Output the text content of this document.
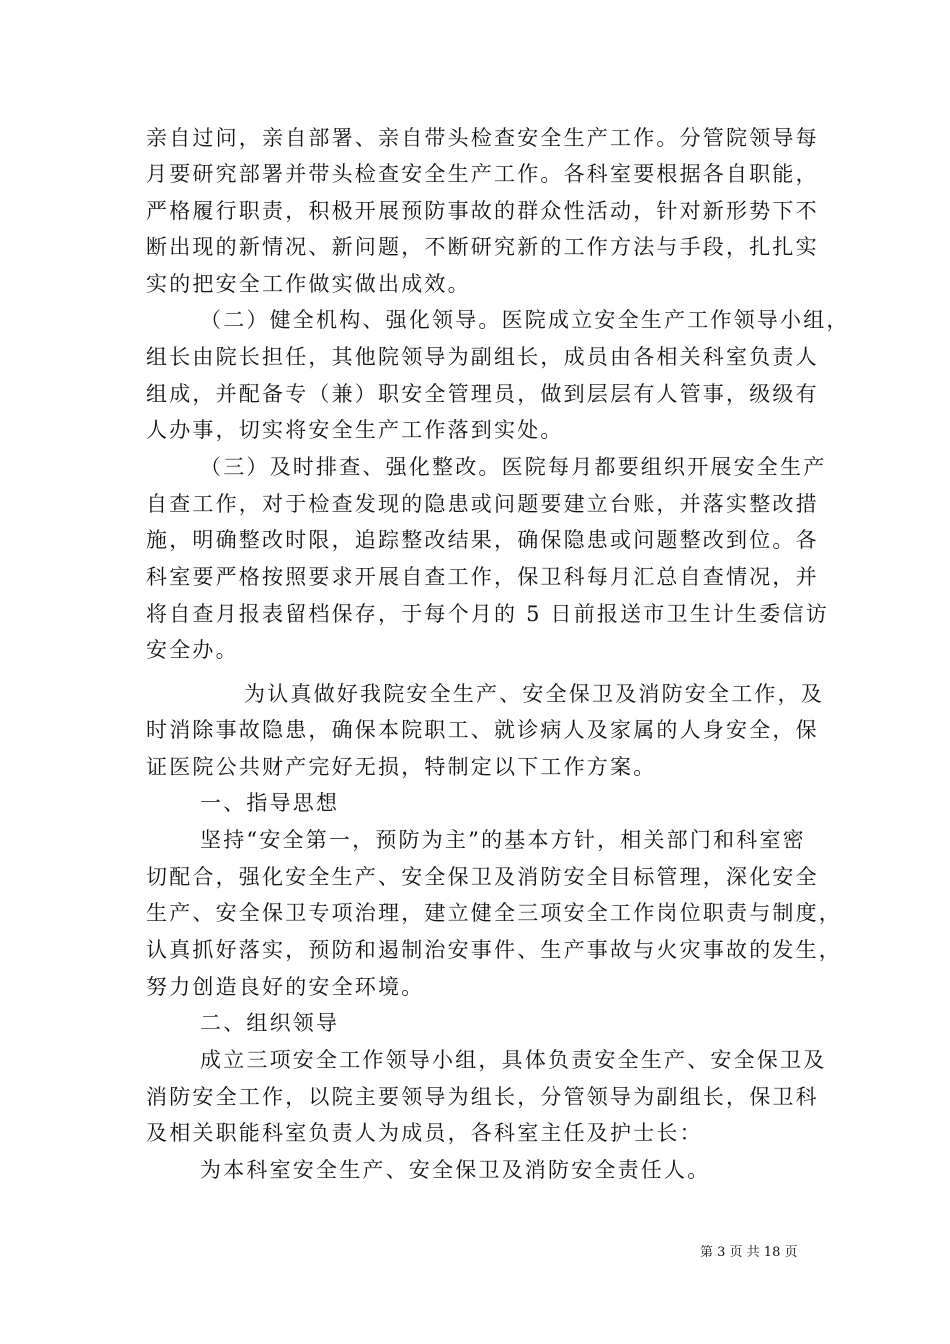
亲自过问，亲自部署、亲自带头检查安全生产工作。分管院领导每
月要研究部署并带头检查安全生产工作。各科室要根据各自职能，
严格履行职责，积极开展预防事故的群众性活动，针对新形势下不
断出现的新情况、新问题，不断研究新的工作方法与手段，扎扎实
实的把安全工作做实做出成效。
（二）健全机构、强化领导。医院成立安全生产工作领导小组，
组长由院长担任，其他院领导为副组长，成员由各相关科室负责人
组成，并配备专（兼）职安全管理员，做到层层有人管事，级级有
人办事，切实将安全生产工作落到实处。
（三）及时排查、强化整改。医院每月都要组织开展安全生产
自查工作，对于检查发现的隐患或问题要建立台账，并落实整改措
施，明确整改时限，追踪整改结果，确保隐患或问题整改到位。各
科室要严格按照要求开展自查工作，保卫科每月汇总自查情况，并
将自查月报表留档保存，于每个月的 5 日前报送市卫生计生委信访
安全办。
为认真做好我院安全生产、安全保卫及消防安全工作，及
时消除事故隐患，确保本院职工、就诊病人及家属的人身安全，保
证医院公共财产完好无损，特制定以下工作方案。
一、指导思想
坚持“安全第一，预防为主”的基本方针，相关部门和科室密
切配合，强化安全生产、安全保卫及消防安全目标管理，深化安全
生产、安全保卫专项治理，建立健全三项安全工作岗位职责与制度，
认真抓好落实，预防和遏制治安事件、生产事故与火灾事故的发生，
努力创造良好的安全环境。
二、组织领导
成立三项安全工作领导小组，具体负责安全生产、安全保卫及
消防安全工作，以院主要领导为组长，分管领导为副组长，保卫科
及相关职能科室负责人为成员，各科室主任及护士长：
为本科室安全生产、安全保卫及消防安全责任人。
第 3 页 共 18 页
